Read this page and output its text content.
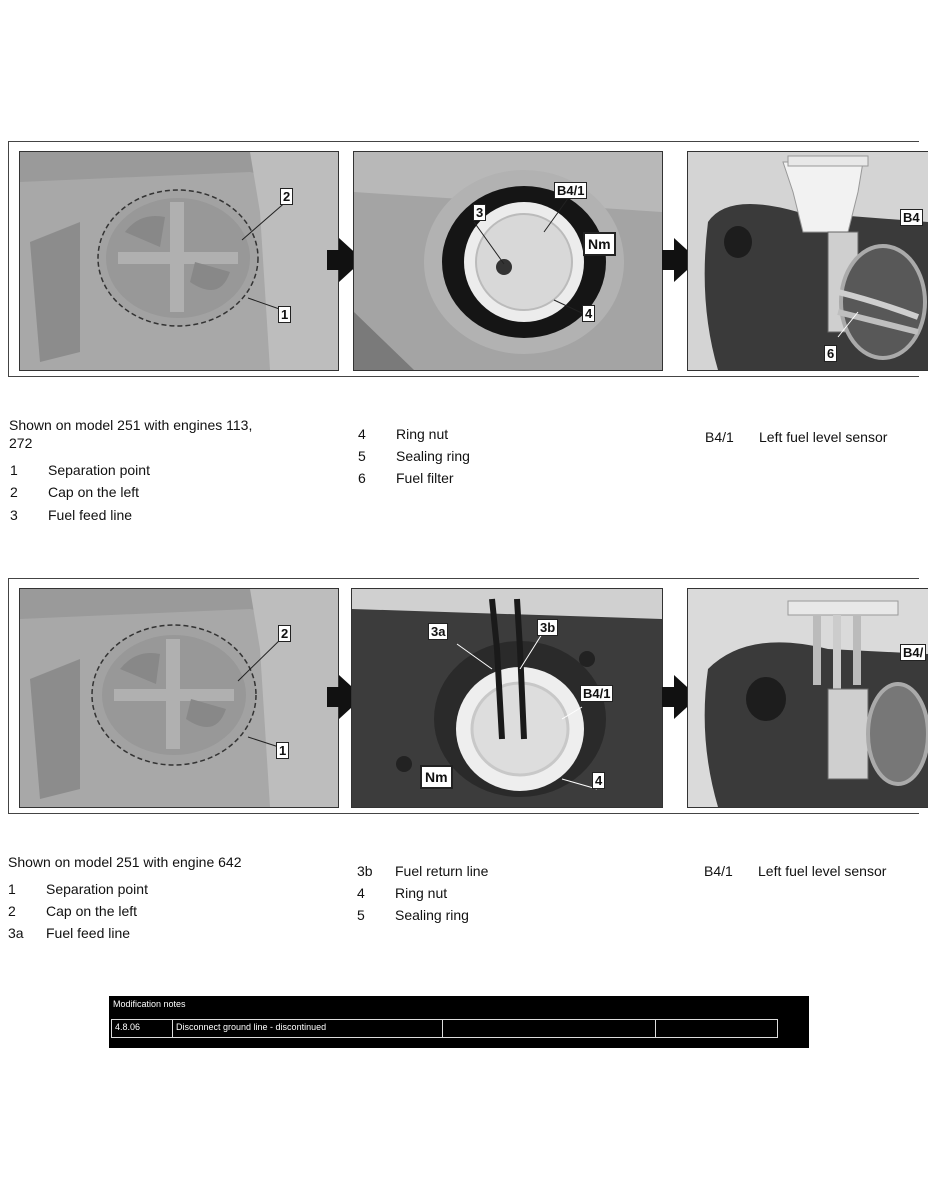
2
1
B4/1
3
Nm
4
B4
6
Shown on model 251 with engines 113, 272
1 Separation point
2 Cap on the left
3 Fuel feed line
4 Ring nut
5 Sealing ring
6 Fuel filter
B4/1 Left fuel level sensor
2
1
3a	3b
B4/1
Nm	4
B4/
Shown on model 251 with engine 642
1 Separation point
2 Cap on the left
3a Fuel feed line
3b Fuel return line
4 Ring nut
5 Sealing ring
B4/1 Left fuel level sensor
Modification notes
4.8.06	Disconnect ground line - discontinued
